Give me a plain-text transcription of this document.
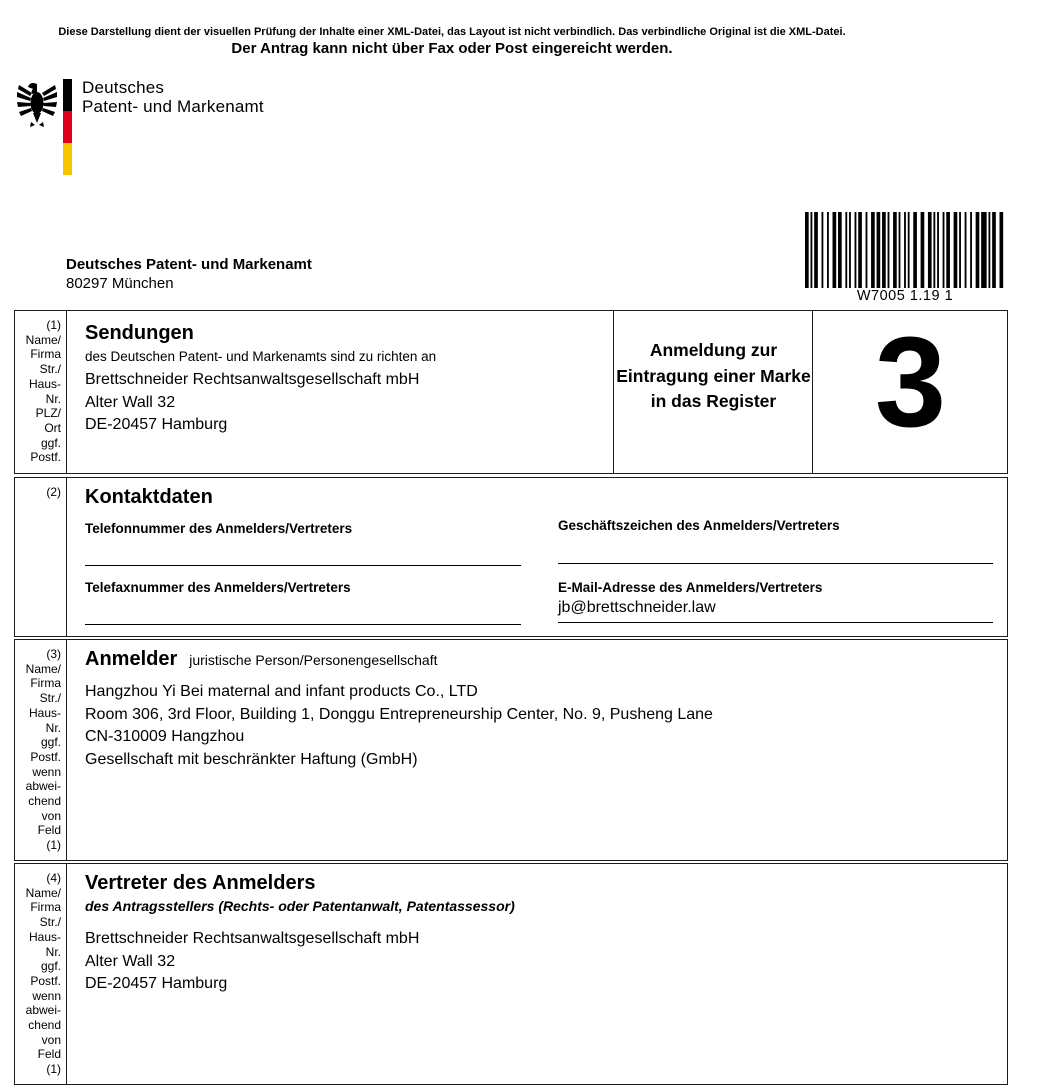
Diese Darstellung dient der visuellen Prüfung der Inhalte einer XML-Datei, das Layout ist nicht verbindlich. Das verbindliche Original ist die XML-Datei.
Der Antrag kann nicht über Fax oder Post eingereicht werden.
Deutsches
Patent- und Markenamt
Deutsches Patent- und Markenamt
80297 München
W7005 1.19 1
(1)
Name/
Firma
Str./
Haus-
Nr.
PLZ/
Ort
ggf.
Postf.
Sendungen
des Deutschen Patent- und Markenamts sind zu richten an
Brettschneider Rechtsanwaltsgesellschaft mbH
Alter Wall 32
DE-20457 Hamburg
Anmeldung zur Eintragung einer Marke in das Register 3
(2) Kontaktdaten
Telefonnummer des Anmelders/Vertreters
Telefaxnummer des Anmelders/Vertreters
Geschäftszeichen des Anmelders/Vertreters
E-Mail-Adresse des Anmelders/Vertreters
jb@brettschneider.law
(3)
Name/
Firma
Str./
Haus-
Nr.
ggf.
Postf.
wenn
abwei-
chend
von
Feld
(1)
Anmelder juristische Person/Personengesellschaft
Hangzhou Yi Bei maternal and infant products Co., LTD
Room 306, 3rd Floor, Building 1, Donggu Entrepreneurship Center, No. 9, Pusheng Lane
CN-310009 Hangzhou
Gesellschaft mit beschränkter Haftung (GmbH)
(4)
Name/
Firma
Str./
Haus-
Nr.
ggf.
Postf.
wenn
abwei-
chend
von
Feld
(1)
Vertreter des Anmelders
des Antragsstellers (Rechts- oder Patentanwalt, Patentassessor)
Brettschneider Rechtsanwaltsgesellschaft mbH
Alter Wall 32
DE-20457 Hamburg
